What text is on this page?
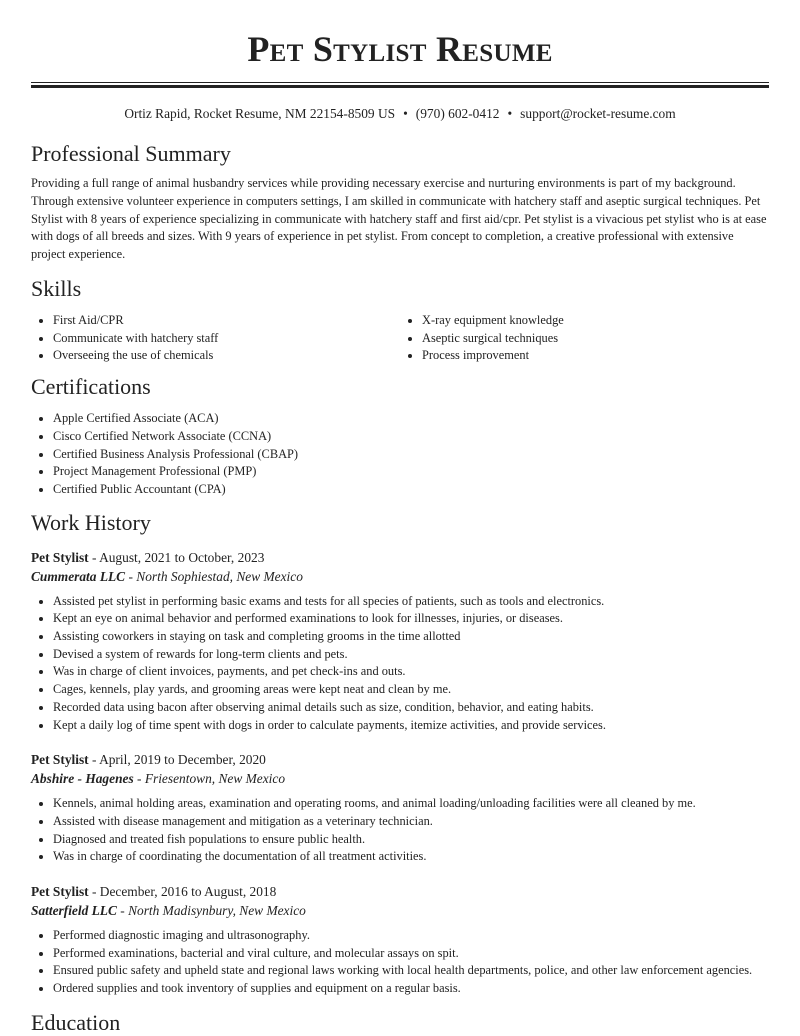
Pet Stylist Resume
Ortiz Rapid, Rocket Resume, NM 22154-8509 US • (970) 602-0412 • support@rocket-resume.com
Professional Summary

Providing a full range of animal husbandry services while providing necessary exercise and nurturing environments is part of my background. Through extensive volunteer experience in computers settings, I am skilled in communicate with hatchery staff and aseptic surgical techniques. Pet Stylist with 8 years of experience specializing in communicate with hatchery staff and first aid/cpr. Pet stylist is a vivacious pet stylist who is at ease with dogs of all breeds and sizes. With 9 years of experience in pet stylist. From concept to completion, a creative professional with extensive project experience.

Skills
• First Aid/CPR
• Communicate with hatchery staff
• Overseeing the use of chemicals
• X-ray equipment knowledge
• Aseptic surgical techniques
• Process improvement
Certifications
• Apple Certified Associate (ACA)
• Cisco Certified Network Associate (CCNA)
• Certified Business Analysis Professional (CBAP)
• Project Management Professional (PMP)
• Certified Public Accountant (CPA)
Work History
Pet Stylist - August, 2021 to October, 2023
Cummerata LLC - North Sophiestad, New Mexico
• Assisted pet stylist in performing basic exams and tests for all species of patients, such as tools and electronics.
• Kept an eye on animal behavior and performed examinations to look for illnesses, injuries, or diseases.
• Assisting coworkers in staying on task and completing grooms in the time allotted
• Devised a system of rewards for long-term clients and pets.
• Was in charge of client invoices, payments, and pet check-ins and outs.
• Cages, kennels, play yards, and grooming areas were kept neat and clean by me.
• Recorded data using bacon after observing animal details such as size, condition, behavior, and eating habits.
• Kept a daily log of time spent with dogs in order to calculate payments, itemize activities, and provide services.
Pet Stylist - April, 2019 to December, 2020
Abshire - Hagenes - Friesentown, New Mexico
• Kennels, animal holding areas, examination and operating rooms, and animal loading/unloading facilities were all cleaned by me.
• Assisted with disease management and mitigation as a veterinary technician.
• Diagnosed and treated fish populations to ensure public health.
• Was in charge of coordinating the documentation of all treatment activities.
Pet Stylist - December, 2016 to August, 2018
Satterfield LLC - North Madisynbury, New Mexico
• Performed diagnostic imaging and ultrasonography.
• Performed examinations, bacterial and viral culture, and molecular assays on spit.
• Ensured public safety and upheld state and regional laws working with local health departments, police, and other law enforcement agencies.
• Ordered supplies and took inventory of supplies and equipment on a regular basis.
Education
